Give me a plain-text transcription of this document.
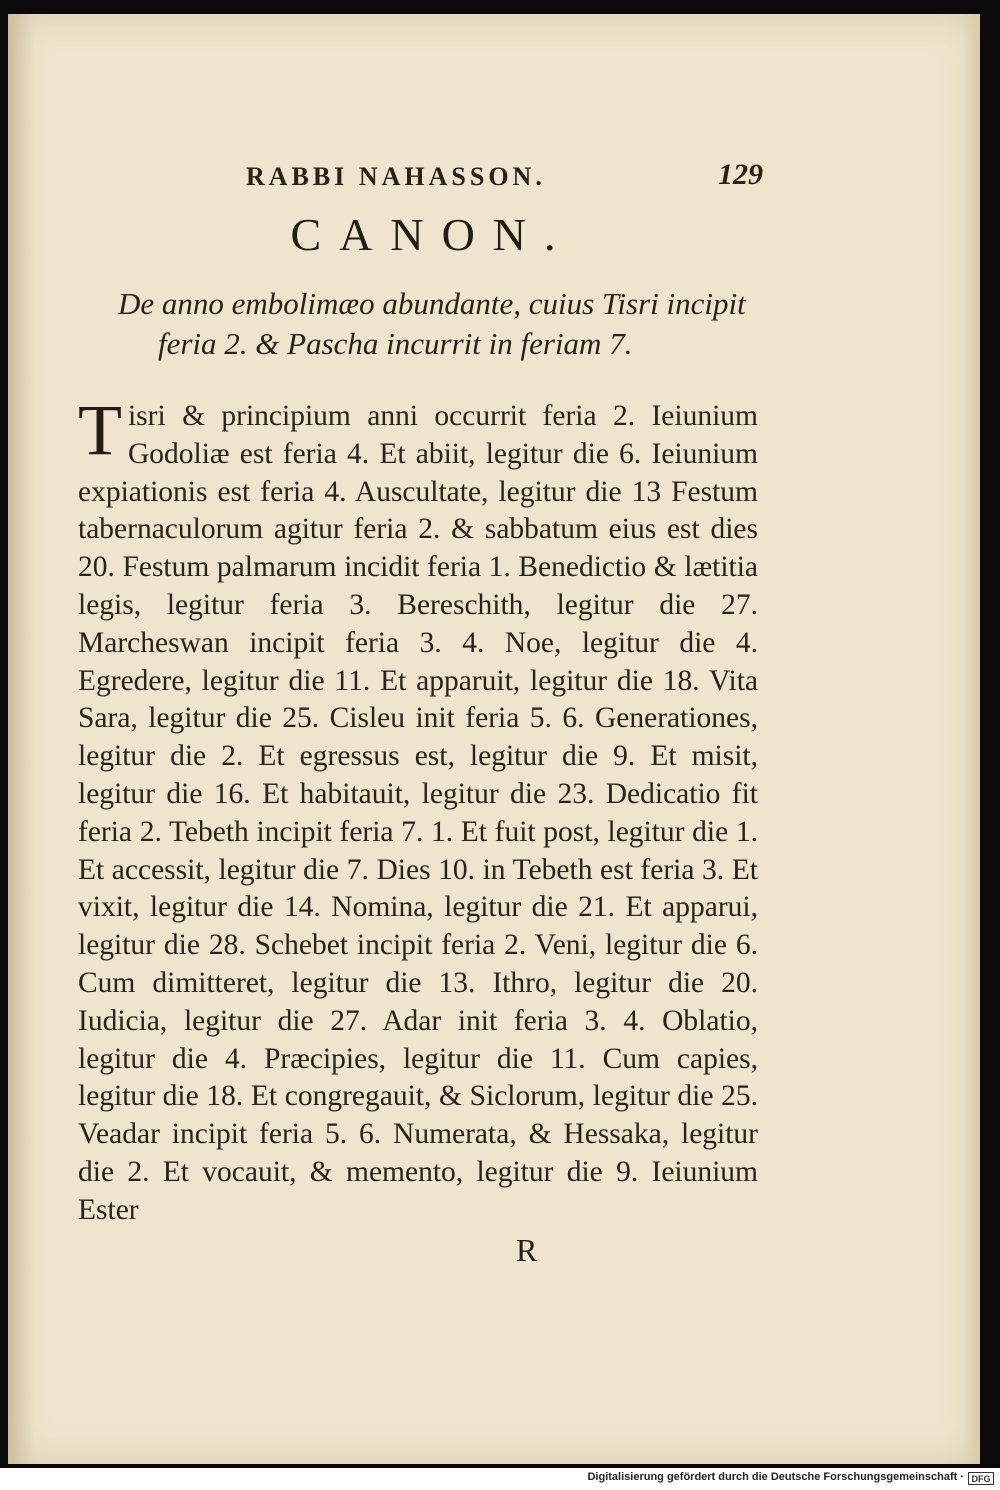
RABBI NAHASSON.	129
CANON.
De anno embolimæo abundante, cuius Tisri incipit
feria 2. & Pascha incurrit in feriam 7.
Tisri & principium anni occurrit feria 2. Ieiunium Godoliæ est feria 4. Et abiit, legitur die 6. Ieiunium expiationis est feria 4. Auscultate, legitur die 13 Festum tabernaculorum agitur feria 2. & sabbatum eius est dies 20. Festum palmarum incidit feria 1. Benedictio & lætitia legis, legitur feria 3. Bereschith, legitur die 27. Marcheswan incipit feria 3. 4. Noe, legitur die 4. Egredere, legitur die 11. Et apparuit, legitur die 18. Vita Sara, legitur die 25. Cisleu init feria 5. 6. Generationes, legitur die 2. Et egressus est, legitur die 9. Et misit, legitur die 16. Et habitauit, legitur die 23. Dedicatio fit feria 2. Tebeth incipit feria 7. 1. Et fuit post, legitur die 1. Et accessit, legitur die 7. Dies 10. in Tebeth est feria 3. Et vixit, legitur die 14. Nomina, legitur die 21. Et apparui, legitur die 28. Schebet incipit feria 2. Veni, legitur die 6. Cum dimitteret, legitur die 13. Ithro, legitur die 20. Iudicia, legitur die 27. Adar init feria 3. 4. Oblatio, legitur die 4. Præcipies, legitur die 11. Cum capies, legitur die 18. Et congregauit, & Siclorum, legitur die 25. Veadar incipit feria 5. 6. Numerata, & Hessaka, legitur die 2. Et vocauit, & memento, legitur die 9. Ieiunium Ester
R
Digitalisierung gefördert durch die Deutsche Forschungsgemeinschaft · DFG
